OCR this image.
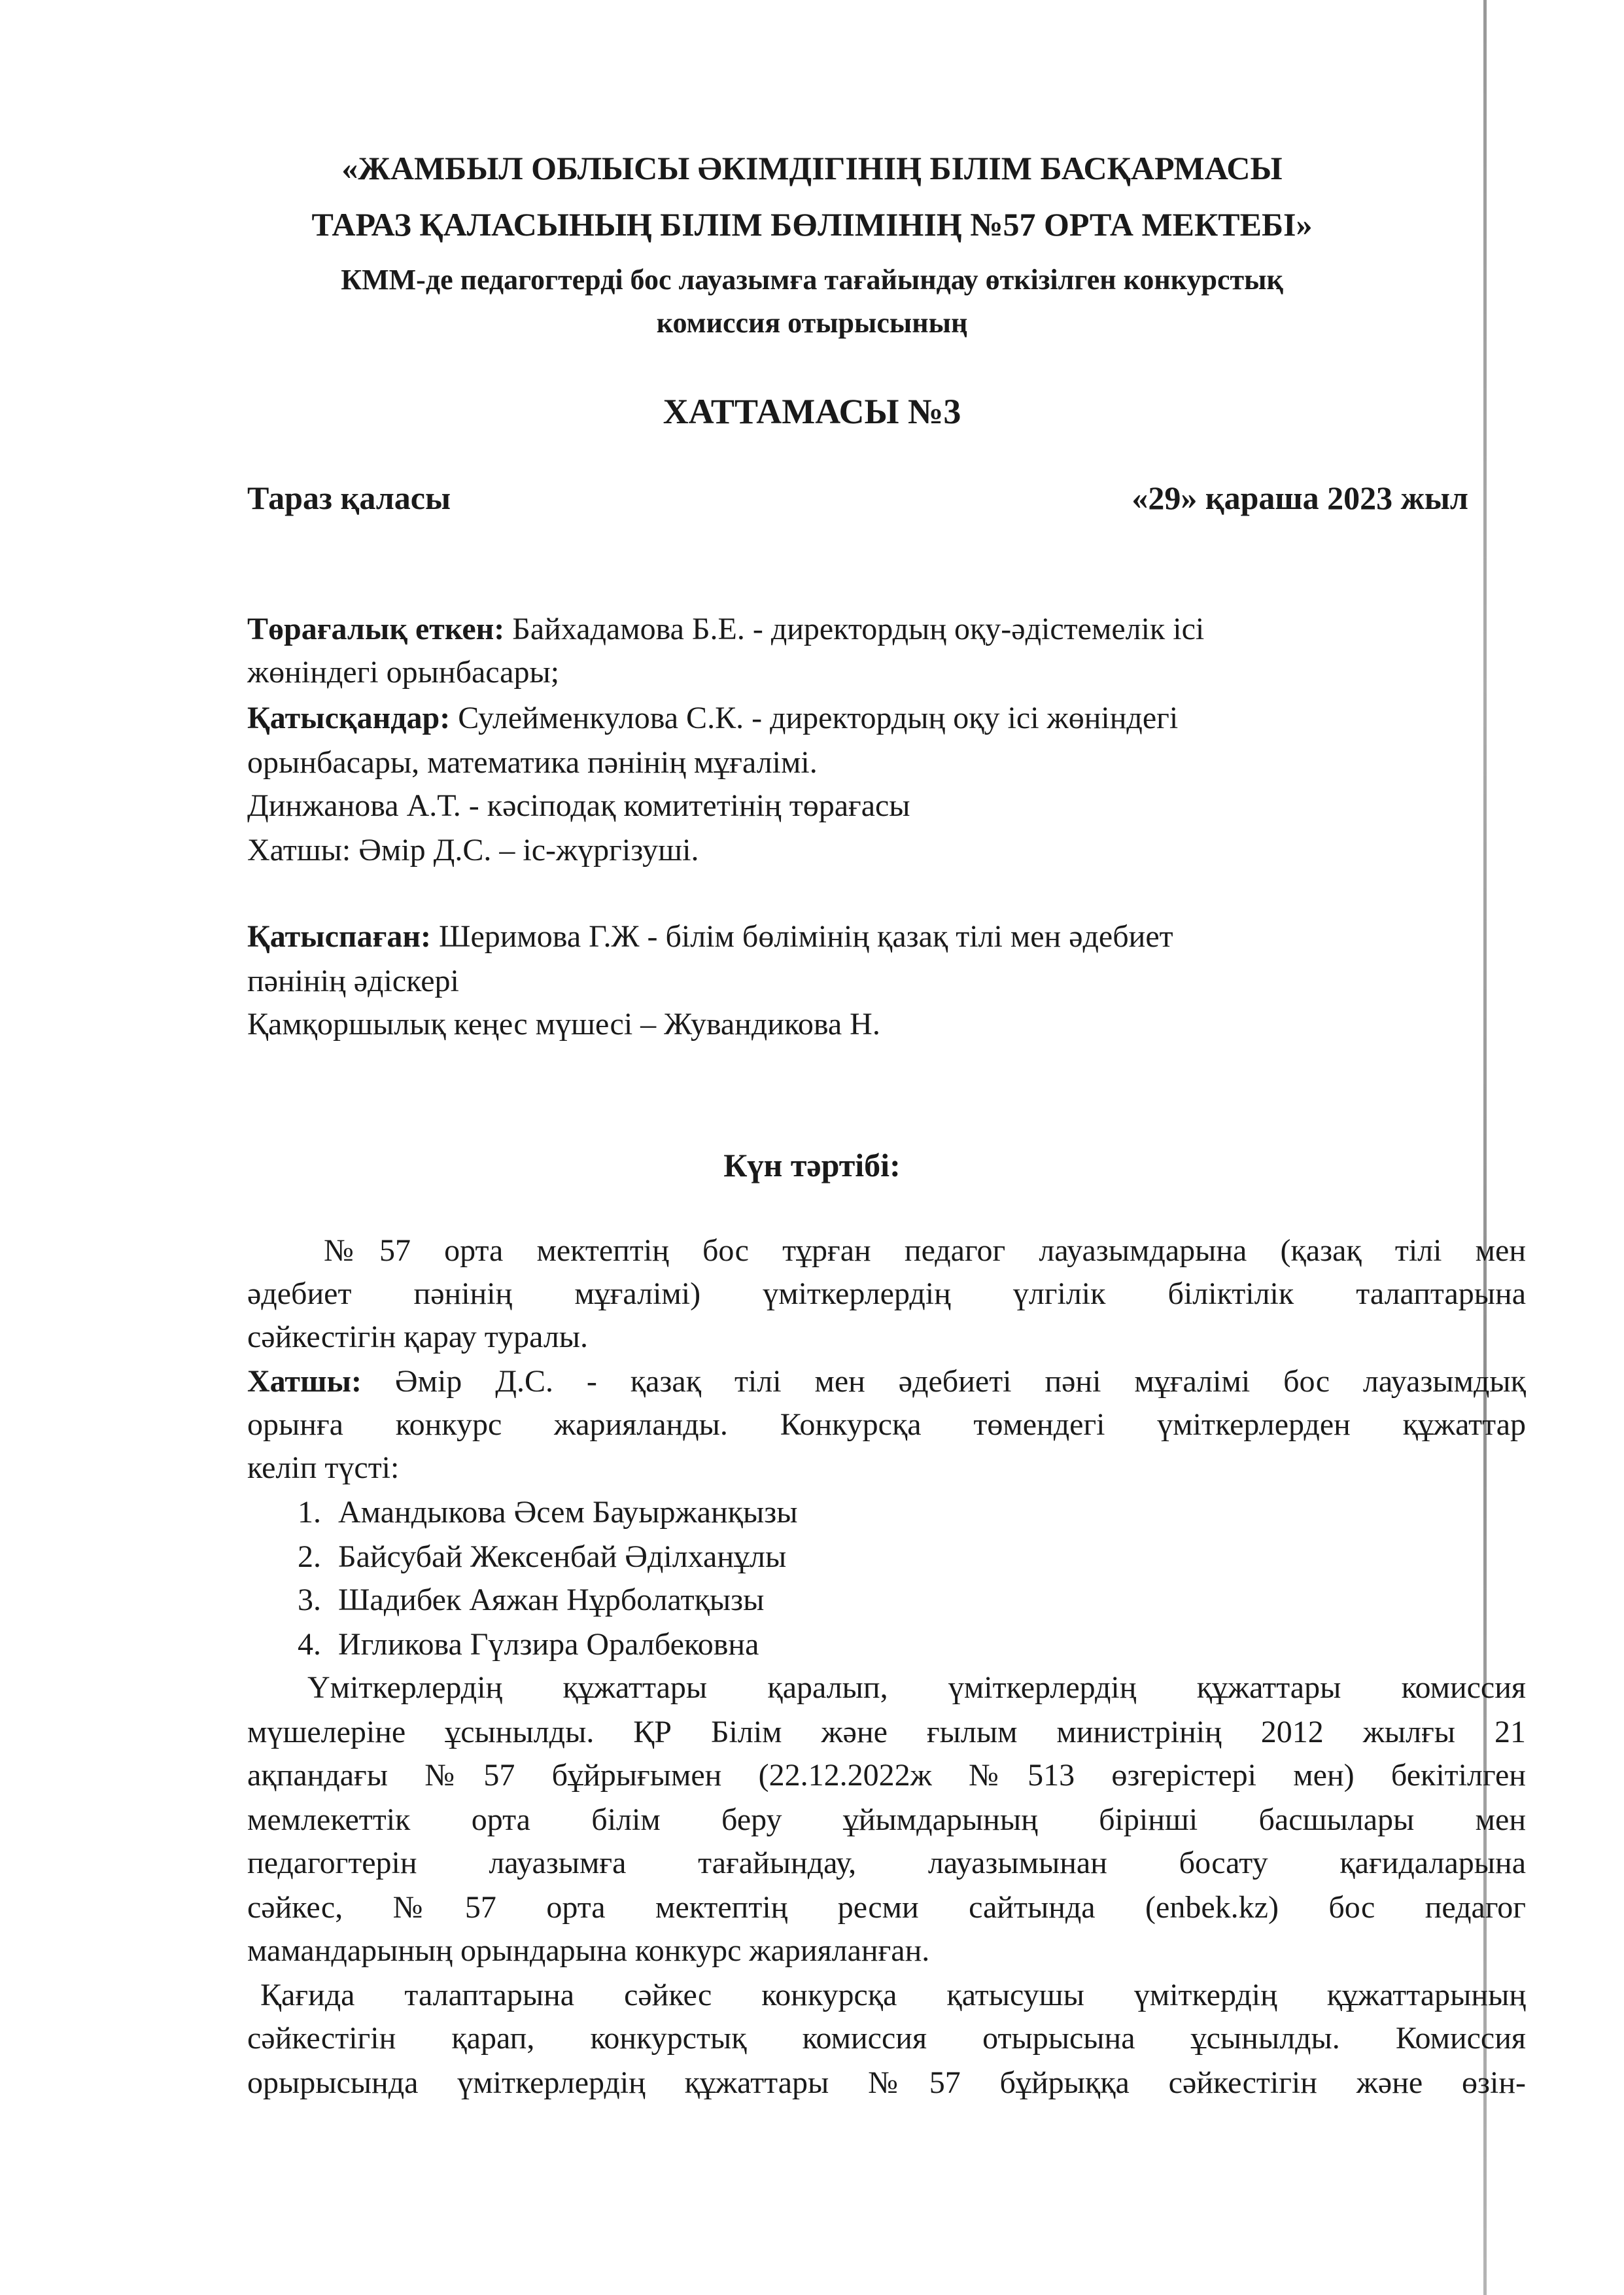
«ЖАМБЫЛ ОБЛЫСЫ ӘКІМДІГІНІҢ БІЛІМ БАСҚАРМАСЫ
ТАРАЗ ҚАЛАСЫНЫҢ БІЛІМ БӨЛІМІНІҢ №57 ОРТА МЕКТЕБІ»
КММ-де педагогтерді бос лауазымға тағайындау өткізілген конкурстық
комиссия отырысының
ХАТТАМАСЫ №3
Тараз қаласы	«29» қараша 2023 жыл
Төрағалық еткен: Байхадамова Б.Е. - директордың оқу-әдістемелік ісі
жөніндегі орынбасары;
Қатысқандар: Сулейменкулова С.К. - директордың оқу ісі жөніндегі
орынбасары, математика пәнінің мұғалімі.
Динжанова А.Т. - кәсіподақ комитетінің төрағасы
Хатшы: Әмір Д.С. – іс-жүргізуші.
Қатыспаған: Шеримова Г.Ж - білім бөлімінің қазақ тілі мен әдебиет
пәнінің әдіскері
Қамқоршылық кеңес мүшесі – Жувандикова Н.
Күн тәртібі:
№57 орта мектептің бос тұрған педагог лауазымдарына (қазақ тілі мен
әдебиет пәнінің мұғалімі) үміткерлердің үлгілік біліктілік талаптарына
сәйкестігін қарау туралы.
Хатшы: Әмір Д.С. - қазақ тілі мен әдебиеті пәні мұғалімі бос лауазымдық
орынға конкурс жарияланды. Конкурсқа төмендегі үміткерлерден құжаттар
келіп түсті:
1. Амандыкова Әсем Бауыржанқызы
2. Байсубай Жексенбай Әділханұлы
3. Шадибек Аяжан Нұрболатқызы
4. Игликова Гүлзира Оралбековна
Үміткерлердің құжаттары қаралып, үміткерлердің құжаттары комиссия
мүшелеріне ұсынылды. ҚР Білім және ғылым министрінің 2012 жылғы 21
ақпандағы №57 бұйрығымен (22.12.2022ж №513 өзгерістері мен) бекітілген
мемлекеттік орта білім беру ұйымдарының бірінші басшылары мен
педагогтерін лауазымға тағайындау, лауазымынан босату қағидаларына
сәйкес, №57 орта мектептің ресми сайтында (enbek.kz) бос педагог
мамандарының орындарына конкурс жарияланған.
Қағида талаптарына сәйкес конкурсқа қатысушы үміткердің құжаттарының
сәйкестігін қарап, конкурстық комиссия отырысына ұсынылды. Комиссия
орырысында үміткерлердің құжаттары №57 бұйрыққа сәйкестігін және өзін-
